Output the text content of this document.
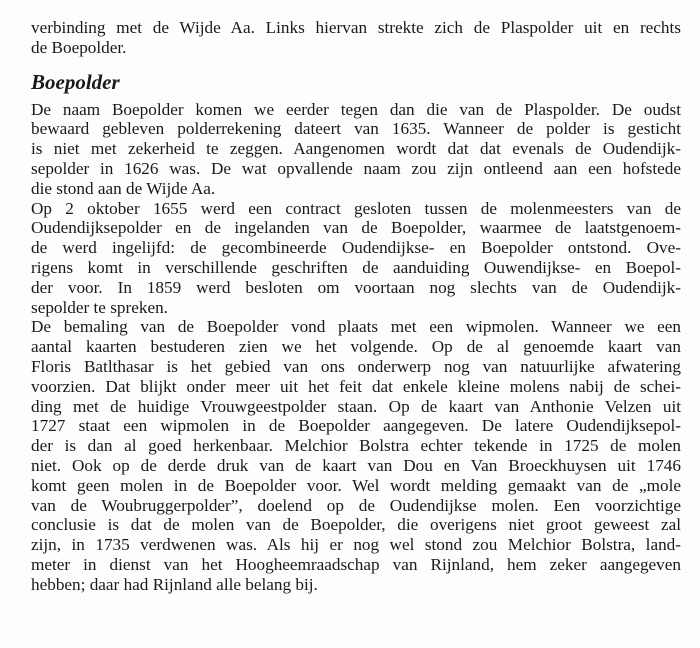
verbinding met de Wijde Aa. Links hiervan strekte zich de Plaspolder uit en rechts
de Boepolder.
Boepolder
De naam Boepolder komen we eerder tegen dan die van de Plaspolder. De oudst
bewaard gebleven polderrekening dateert van 1635. Wanneer de polder is gesticht
is niet met zekerheid te zeggen. Aangenomen wordt dat dat evenals de Oudendijk-
sepolder in 1626 was. De wat opvallende naam zou zijn ontleend aan een hofstede
die stond aan de Wijde Aa.
Op 2 oktober 1655 werd een contract gesloten tussen de molenmeesters van de
Oudendijksepolder en de ingelanden van de Boepolder, waarmee de laatstgenoem-
de werd ingelijfd: de gecombineerde Oudendijkse- en Boepolder ontstond. Ove-
rigens komt in verschillende geschriften de aanduiding Ouwendijkse- en Boepol-
der voor. In 1859 werd besloten om voortaan nog slechts van de Oudendijk-
sepolder te spreken.
De bemaling van de Boepolder vond plaats met een wipmolen. Wanneer we een
aantal kaarten bestuderen zien we het volgende. Op de al genoemde kaart van
Floris Batlthasar is het gebied van ons onderwerp nog van natuurlijke afwatering
voorzien. Dat blijkt onder meer uit het feit dat enkele kleine molens nabij de schei-
ding met de huidige Vrouwgeestpolder staan. Op de kaart van Anthonie Velzen uit
1727 staat een wipmolen in de Boepolder aangegeven. De latere Oudendijksepol-
der is dan al goed herkenbaar. Melchior Bolstra echter tekende in 1725 de molen
niet. Ook op de derde druk van de kaart van Dou en Van Broeckhuysen uit 1746
komt geen molen in de Boepolder voor. Wel wordt melding gemaakt van de „mole
van de Woubruggerpolder”, doelend op de Oudendijkse molen. Een voorzichtige
conclusie is dat de molen van de Boepolder, die overigens niet groot geweest zal
zijn, in 1735 verdwenen was. Als hij er nog wel stond zou Melchior Bolstra, land-
meter in dienst van het Hoogheemraadschap van Rijnland, hem zeker aangegeven
hebben; daar had Rijnland alle belang bij.
